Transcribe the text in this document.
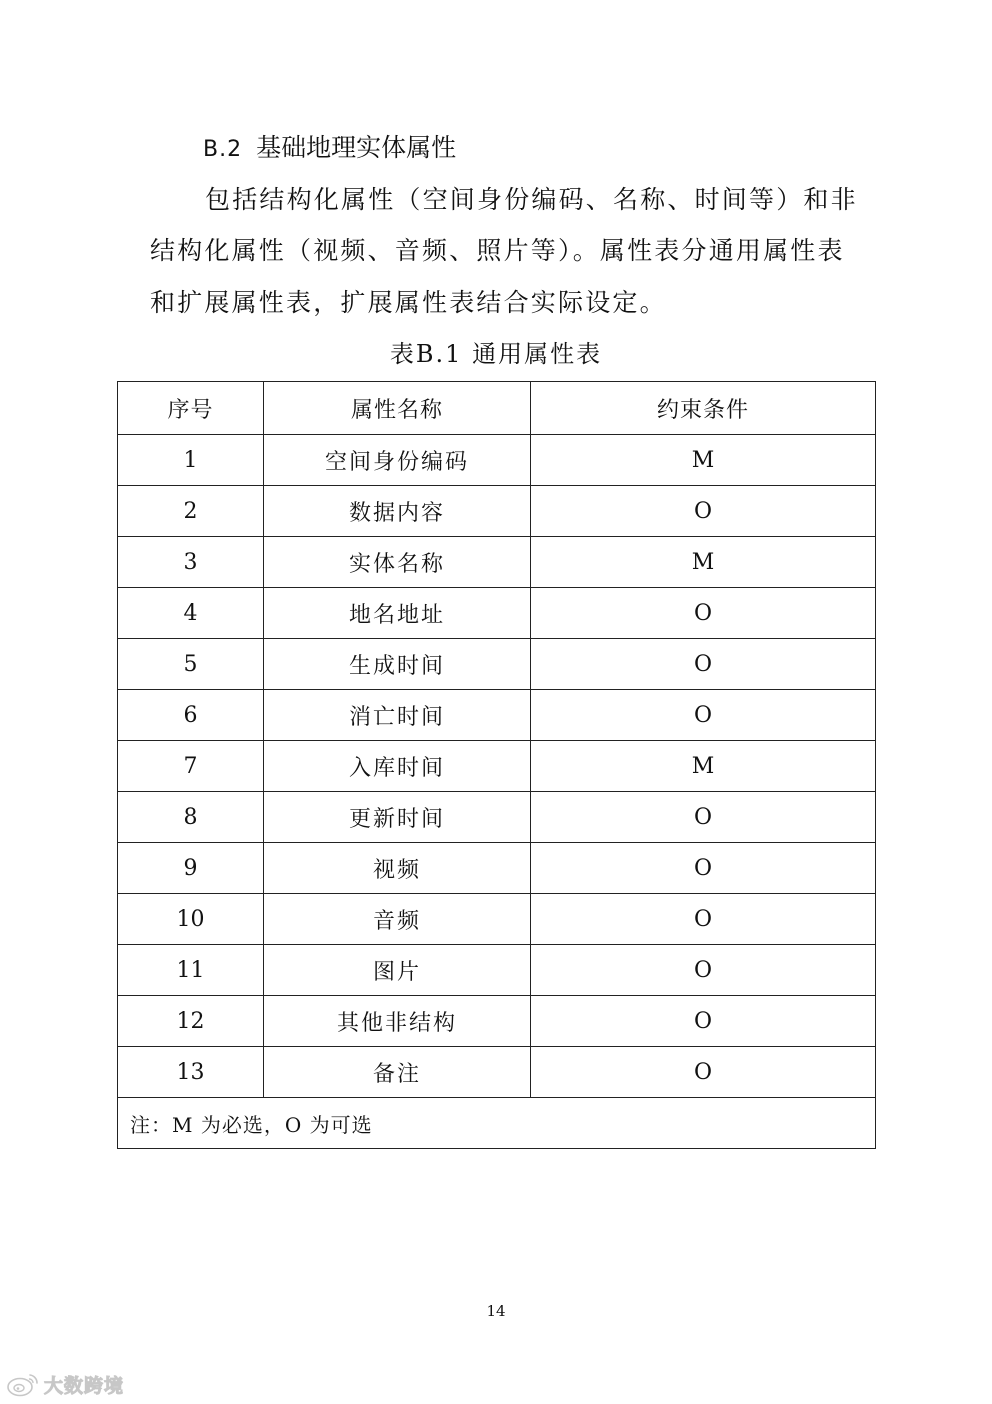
B.2 基础地理实体属性
包括结构化属性（空间身份编码、名称、时间等）和非
结构化属性（视频、音频、照片等）。属性表分通用属性表
和扩展属性表，扩展属性表结合实际设定。
表B.1 通用属性表
序号	属性名称	约束条件
1	空间身份编码	M
2	数据内容	O
3	实体名称	M
4	地名地址	O
5	生成时间	O
6	消亡时间	O
7	入库时间	M
8	更新时间	O
9	视频	O
10	音频	O
11	图片	O
12	其他非结构	O
13	备注	O
注：M 为必选，O 为可选		
14
大数跨境
